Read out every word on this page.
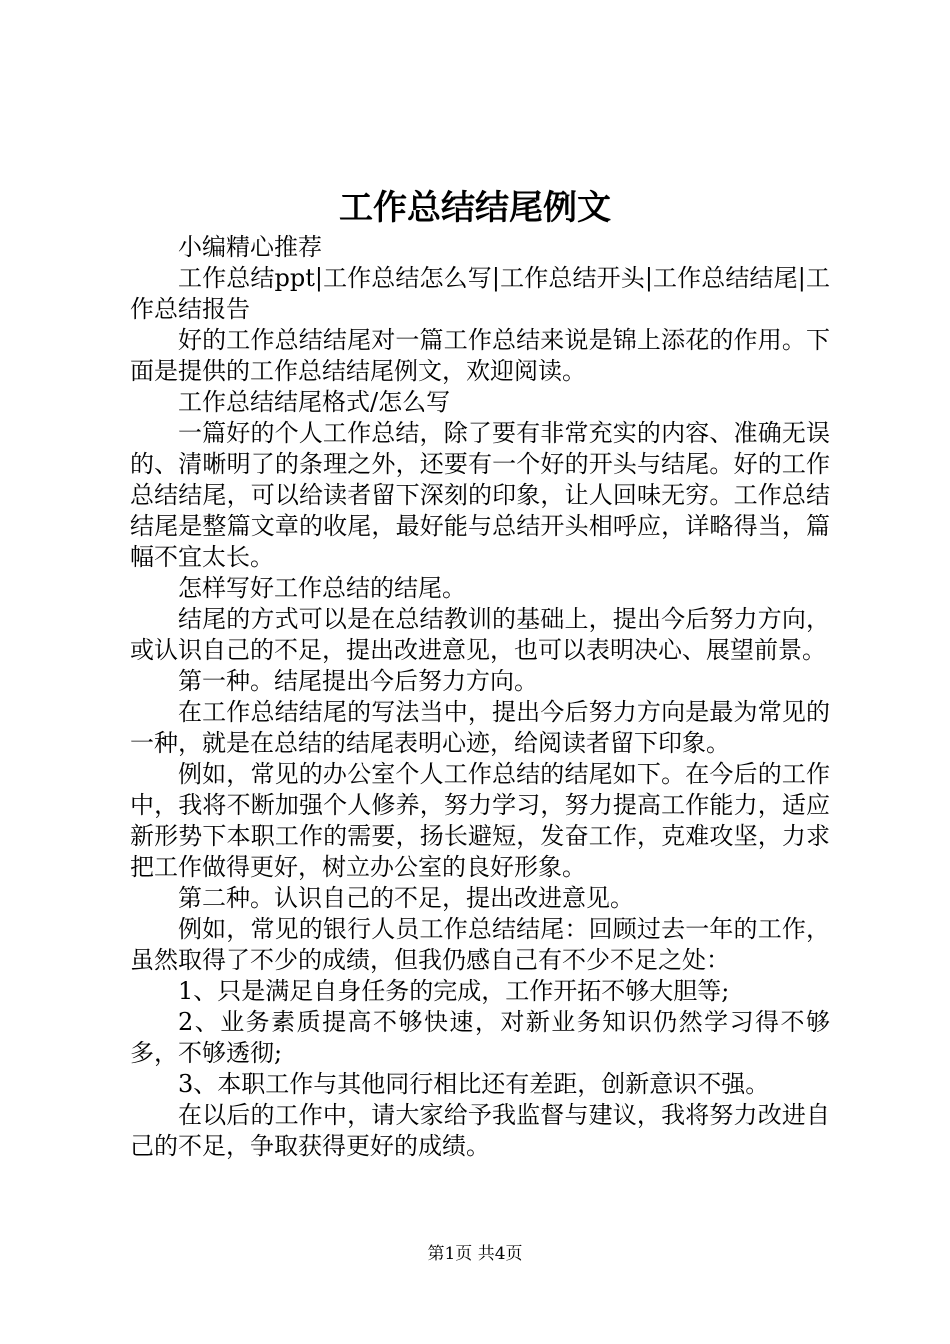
工作总结结尾例文

小编精心推荐

工作总结ppt|工作总结怎么写|工作总结开头|工作总结结尾|工作总结报告

好的工作总结结尾对一篇工作总结来说是锦上添花的作用。下面是提供的工作总结结尾例文，欢迎阅读。

工作总结结尾格式/怎么写

一篇好的个人工作总结，除了要有非常充实的内容、准确无误的、清晰明了的条理之外，还要有一个好的开头与结尾。好的工作总结结尾，可以给读者留下深刻的印象，让人回味无穷。工作总结结尾是整篇文章的收尾，最好能与总结开头相呼应，详略得当，篇幅不宜太长。

怎样写好工作总结的结尾。

结尾的方式可以是在总结教训的基础上，提出今后努力方向，或认识自己的不足，提出改进意见，也可以表明决心、展望前景。

第一种。结尾提出今后努力方向。

在工作总结结尾的写法当中，提出今后努力方向是最为常见的一种，就是在总结的结尾表明心迹，给阅读者留下印象。

例如，常见的办公室个人工作总结的结尾如下。在今后的工作中，我将不断加强个人修养，努力学习，努力提高工作能力，适应新形势下本职工作的需要，扬长避短，发奋工作，克难攻坚，力求把工作做得更好，树立办公室的良好形象。

第二种。认识自己的不足，提出改进意见。

例如，常见的银行人员工作总结结尾：回顾过去一年的工作，虽然取得了不少的成绩，但我仍感自己有不少不足之处：

1、只是满足自身任务的完成，工作开拓不够大胆等;

2、业务素质提高不够快速，对新业务知识仍然学习得不够多，不够透彻;

3、本职工作与其他同行相比还有差距，创新意识不强。

在以后的工作中，请大家给予我监督与建议，我将努力改进自己的不足，争取获得更好的成绩。

第1页 共4页
